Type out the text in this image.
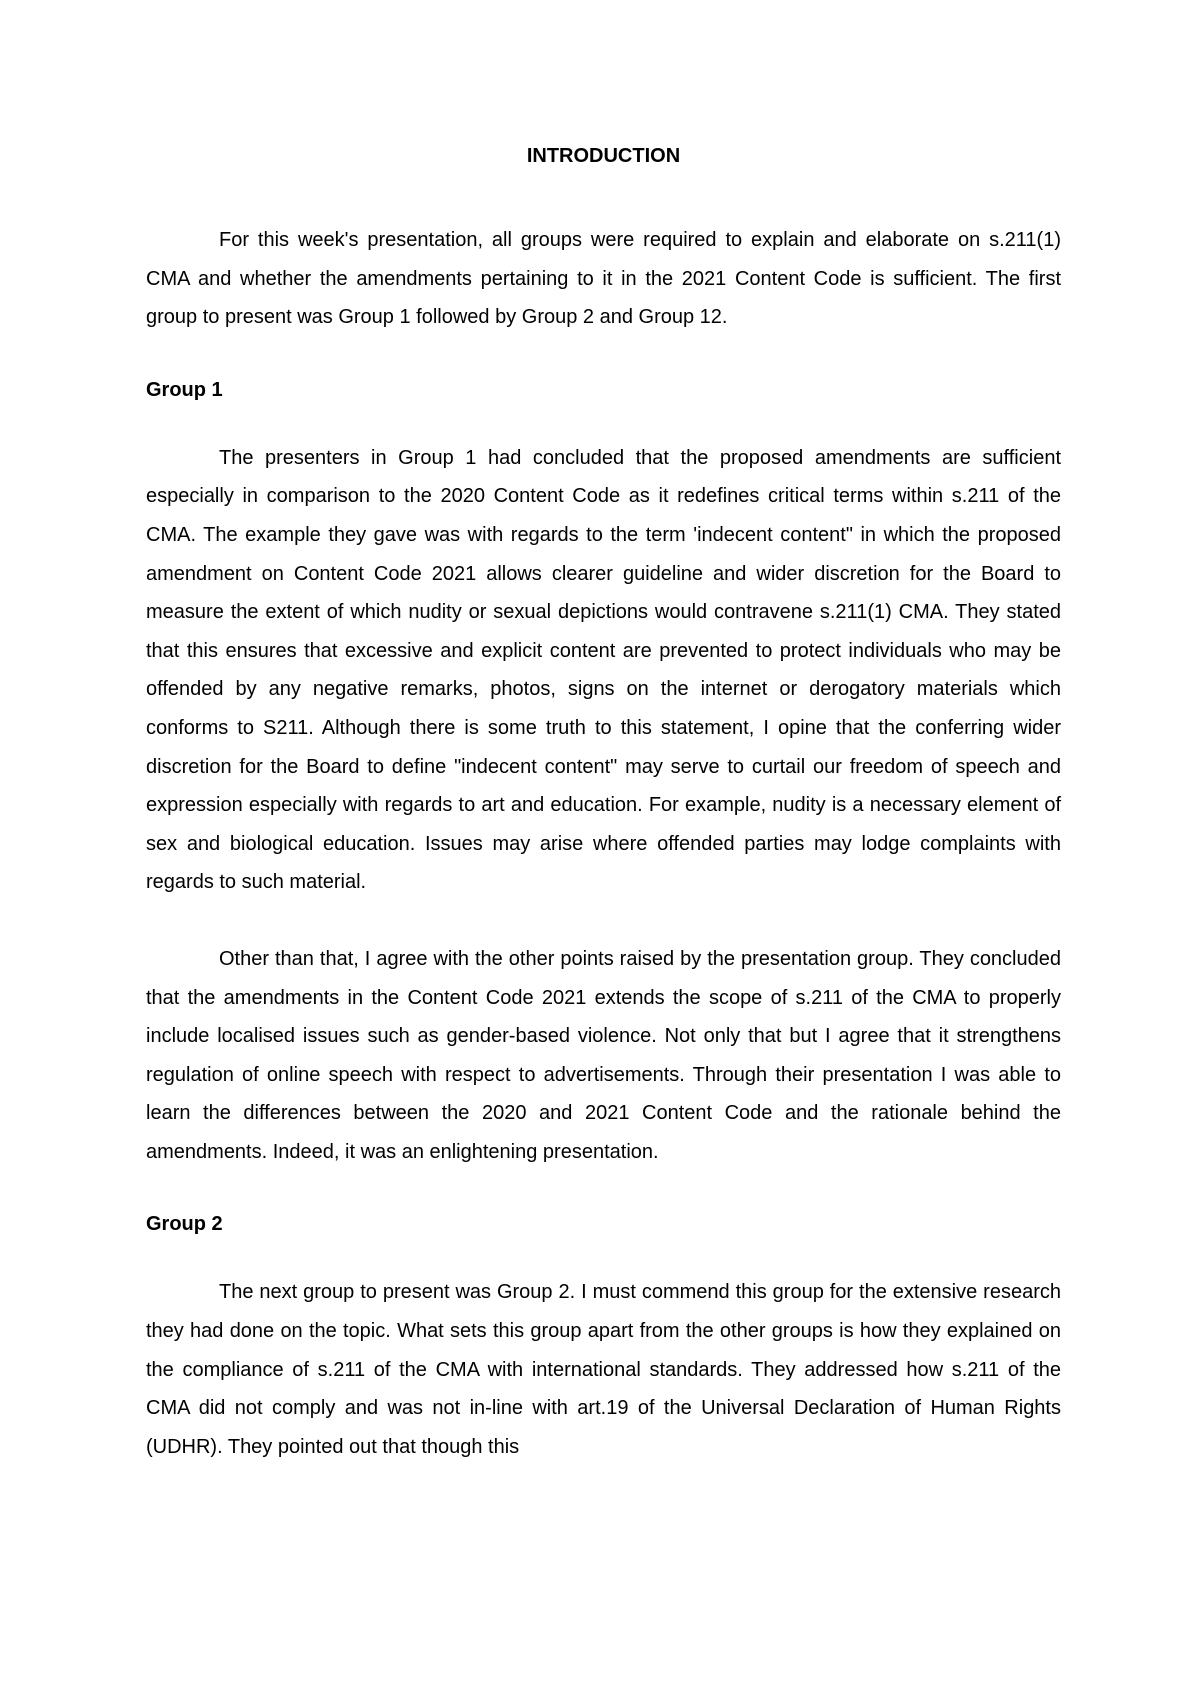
INTRODUCTION

For this week's presentation, all groups were required to explain and elaborate on s.211(1) CMA and whether the amendments pertaining to it in the 2021 Content Code is sufficient. The first group to present was Group 1 followed by Group 2 and Group 12.

Group 1

The presenters in Group 1 had concluded that the proposed amendments are sufficient especially in comparison to the 2020 Content Code as it redefines critical terms within s.211 of the CMA. The example they gave was with regards to the term 'indecent content" in which the proposed amendment on Content Code 2021 allows clearer guideline and wider discretion for the Board to measure the extent of which nudity or sexual depictions would contravene s.211(1) CMA. They stated that this ensures that excessive and explicit content are prevented to protect individuals who may be offended by any negative remarks, photos, signs on the internet or derogatory materials which conforms to S211. Although there is some truth to this statement, I opine that the conferring wider discretion for the Board to define "indecent content" may serve to curtail our freedom of speech and expression especially with regards to art and education. For example, nudity is a necessary element of sex and biological education. Issues may arise where offended parties may lodge complaints with regards to such material.

Other than that, I agree with the other points raised by the presentation group. They concluded that the amendments in the Content Code 2021 extends the scope of s.211 of the CMA to properly include localised issues such as gender-based violence. Not only that but I agree that it strengthens regulation of online speech with respect to advertisements. Through their presentation I was able to learn the differences between the 2020 and 2021 Content Code and the rationale behind the amendments. Indeed, it was an enlightening presentation.

Group 2

The next group to present was Group 2. I must commend this group for the extensive research they had done on the topic. What sets this group apart from the other groups is how they explained on the compliance of s.211 of the CMA with international standards. They addressed how s.211 of the CMA did not comply and was not in-line with art.19 of the Universal Declaration of Human Rights (UDHR). They pointed out that though this
